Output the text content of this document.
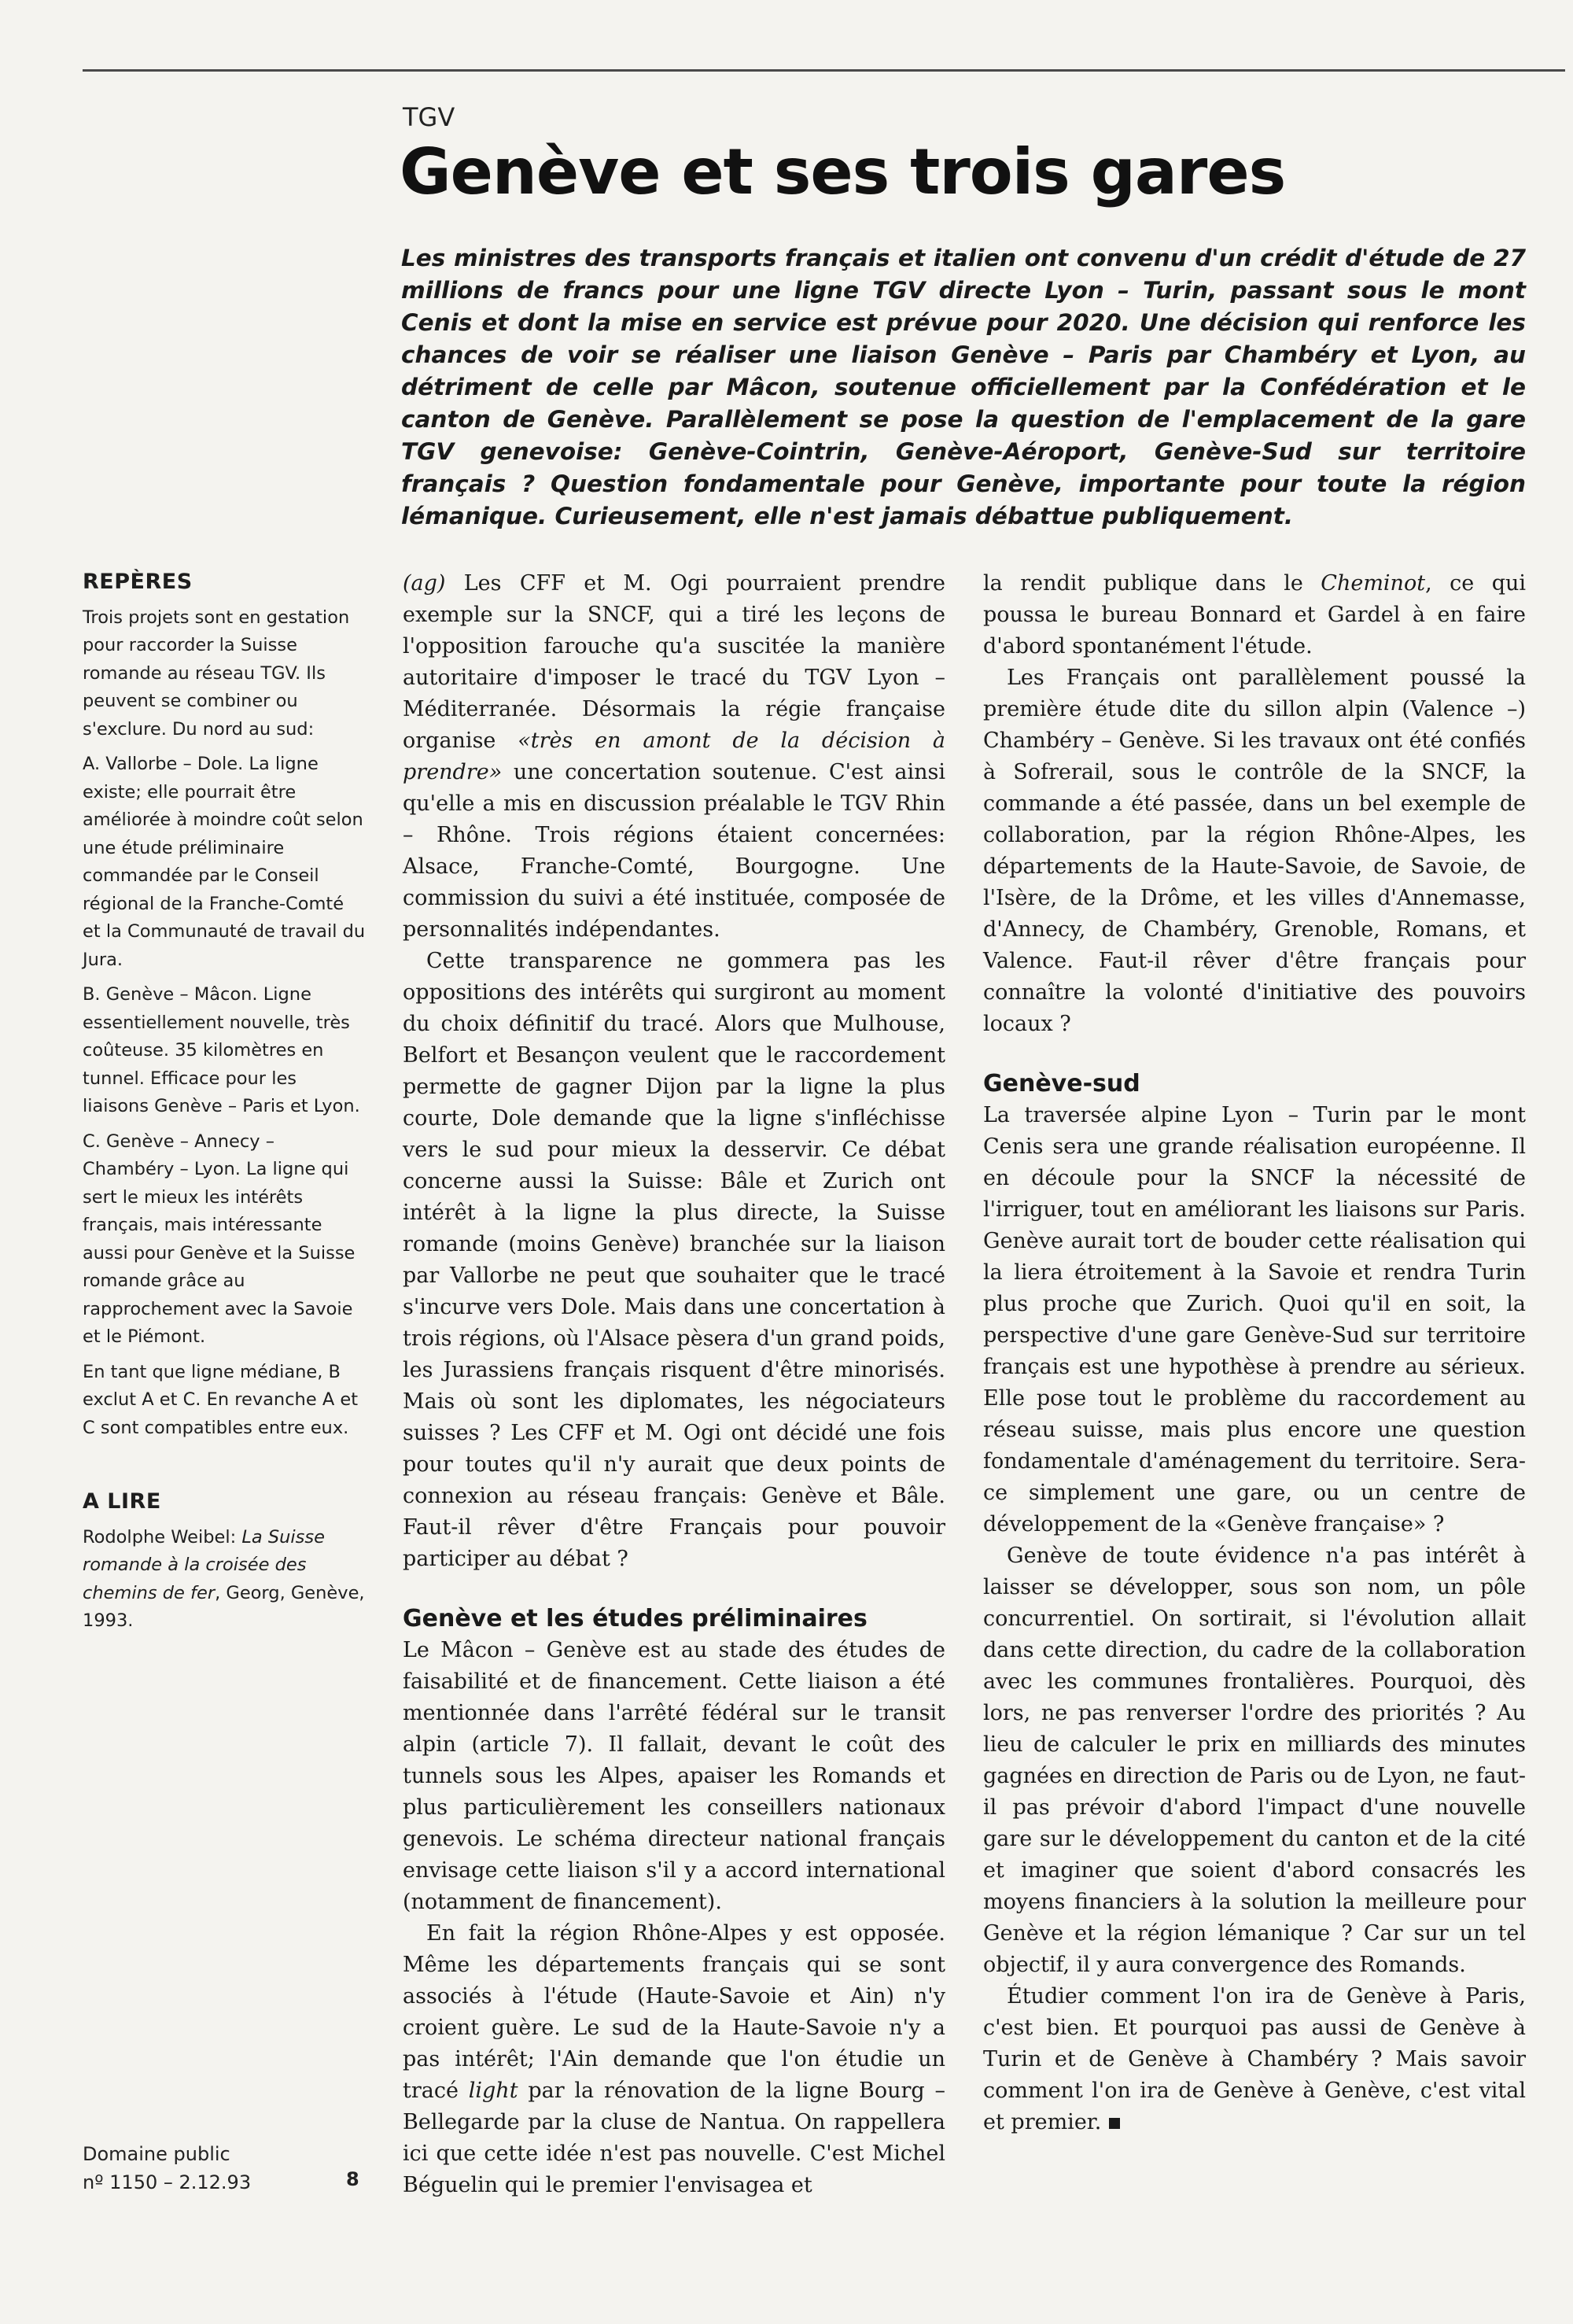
TGV
Genève et ses trois gares

Les ministres des transports français et italien ont convenu d'un crédit d'étude de 27 millions de francs pour une ligne TGV directe Lyon – Turin, passant sous le mont Cenis et dont la mise en service est prévue pour 2020. Une décision qui renforce les chances de voir se réaliser une liaison Genève – Paris par Chambéry et Lyon, au détriment de celle par Mâcon, soutenue officiellement par la Confédération et le canton de Genève. Parallèlement se pose la question de l'emplacement de la gare TGV genevoise: Genève-Cointrin, Genève-Aéroport, Genève-Sud sur territoire français ? Question fondamentale pour Genève, importante pour toute la région lémanique. Curieusement, elle n'est jamais débattue publiquement.

REPÈRES

Trois projets sont en gestation pour raccorder la Suisse romande au réseau TGV. Ils peuvent se combiner ou s'exclure. Du nord au sud:

A. Vallorbe – Dole. La ligne existe; elle pourrait être améliorée à moindre coût selon une étude préliminaire commandée par le Conseil régional de la Franche-Comté et la Communauté de travail du Jura.

B. Genève – Mâcon. Ligne essentiellement nouvelle, très coûteuse. 35 kilomètres en tunnel. Efficace pour les liaisons Genève – Paris et Lyon.

C. Genève – Annecy – Chambéry – Lyon. La ligne qui sert le mieux les intérêts français, mais intéressante aussi pour Genève et la Suisse romande grâce au rapprochement avec la Savoie et le Piémont.

En tant que ligne médiane, B exclut A et C. En revanche A et C sont compatibles entre eux.

A LIRE

Rodolphe Weibel: La Suisse romande à la croisée des chemins de fer, Georg, Genève, 1993.

Domaine public
nº 1150 – 2.12.93	8

(ag) Les CFF et M. Ogi pourraient prendre exemple sur la SNCF, qui a tiré les leçons de l'opposition farouche qu'a suscitée la manière autoritaire d'imposer le tracé du TGV Lyon – Méditerranée. Désormais la régie française organise «très en amont de la décision à prendre» une concertation soutenue. C'est ainsi qu'elle a mis en discussion préalable le TGV Rhin – Rhône. Trois régions étaient concernées: Alsace, Franche-Comté, Bourgogne. Une commission du suivi a été instituée, composée de personnalités indépendantes.

Cette transparence ne gommera pas les oppositions des intérêts qui surgiront au moment du choix définitif du tracé. Alors que Mulhouse, Belfort et Besançon veulent que le raccordement permette de gagner Dijon par la ligne la plus courte, Dole demande que la ligne s'infléchisse vers le sud pour mieux la desservir. Ce débat concerne aussi la Suisse: Bâle et Zurich ont intérêt à la ligne la plus directe, la Suisse romande (moins Genève) branchée sur la liaison par Vallorbe ne peut que souhaiter que le tracé s'incurve vers Dole. Mais dans une concertation à trois régions, où l'Alsace pèsera d'un grand poids, les Jurassiens français risquent d'être minorisés. Mais où sont les diplomates, les négociateurs suisses ? Les CFF et M. Ogi ont décidé une fois pour toutes qu'il n'y aurait que deux points de connexion au réseau français: Genève et Bâle. Faut-il rêver d'être Français pour pouvoir participer au débat ?

Genève et les études préliminaires

Le Mâcon – Genève est au stade des études de faisabilité et de financement. Cette liaison a été mentionnée dans l'arrêté fédéral sur le transit alpin (article 7). Il fallait, devant le coût des tunnels sous les Alpes, apaiser les Romands et plus particulièrement les conseillers nationaux genevois. Le schéma directeur national français envisage cette liaison s'il y a accord international (notamment de financement).

En fait la région Rhône-Alpes y est opposée. Même les départements français qui se sont associés à l'étude (Haute-Savoie et Ain) n'y croient guère. Le sud de la Haute-Savoie n'y a pas intérêt; l'Ain demande que l'on étudie un tracé light par la rénovation de la ligne Bourg – Bellegarde par la cluse de Nantua. On rappellera ici que cette idée n'est pas nouvelle. C'est Michel Béguelin qui le premier l'envisagea et

la rendit publique dans le Cheminot, ce qui poussa le bureau Bonnard et Gardel à en faire d'abord spontanément l'étude.

Les Français ont parallèlement poussé la première étude dite du sillon alpin (Valence –) Chambéry – Genève. Si les travaux ont été confiés à Sofrerail, sous le contrôle de la SNCF, la commande a été passée, dans un bel exemple de collaboration, par la région Rhône-Alpes, les départements de la Haute-Savoie, de Savoie, de l'Isère, de la Drôme, et les villes d'Annemasse, d'Annecy, de Chambéry, Grenoble, Romans, et Valence. Faut-il rêver d'être français pour connaître la volonté d'initiative des pouvoirs locaux ?

Genève-sud

La traversée alpine Lyon – Turin par le mont Cenis sera une grande réalisation européenne. Il en découle pour la SNCF la nécessité de l'irriguer, tout en améliorant les liaisons sur Paris. Genève aurait tort de bouder cette réalisation qui la liera étroitement à la Savoie et rendra Turin plus proche que Zurich. Quoi qu'il en soit, la perspective d'une gare Genève-Sud sur territoire français est une hypothèse à prendre au sérieux. Elle pose tout le problème du raccordement au réseau suisse, mais plus encore une question fondamentale d'aménagement du territoire. Sera-ce simplement une gare, ou un centre de développement de la «Genève française» ?

Genève de toute évidence n'a pas intérêt à laisser se développer, sous son nom, un pôle concurrentiel. On sortirait, si l'évolution allait dans cette direction, du cadre de la collaboration avec les communes frontalières. Pourquoi, dès lors, ne pas renverser l'ordre des priorités ? Au lieu de calculer le prix en milliards des minutes gagnées en direction de Paris ou de Lyon, ne faut-il pas prévoir d'abord l'impact d'une nouvelle gare sur le développement du canton et de la cité et imaginer que soient d'abord consacrés les moyens financiers à la solution la meilleure pour Genève et la région lémanique ? Car sur un tel objectif, il y aura convergence des Romands.

Étudier comment l'on ira de Genève à Paris, c'est bien. Et pourquoi pas aussi de Genève à Turin et de Genève à Chambéry ? Mais savoir comment l'on ira de Genève à Genève, c'est vital et premier.
